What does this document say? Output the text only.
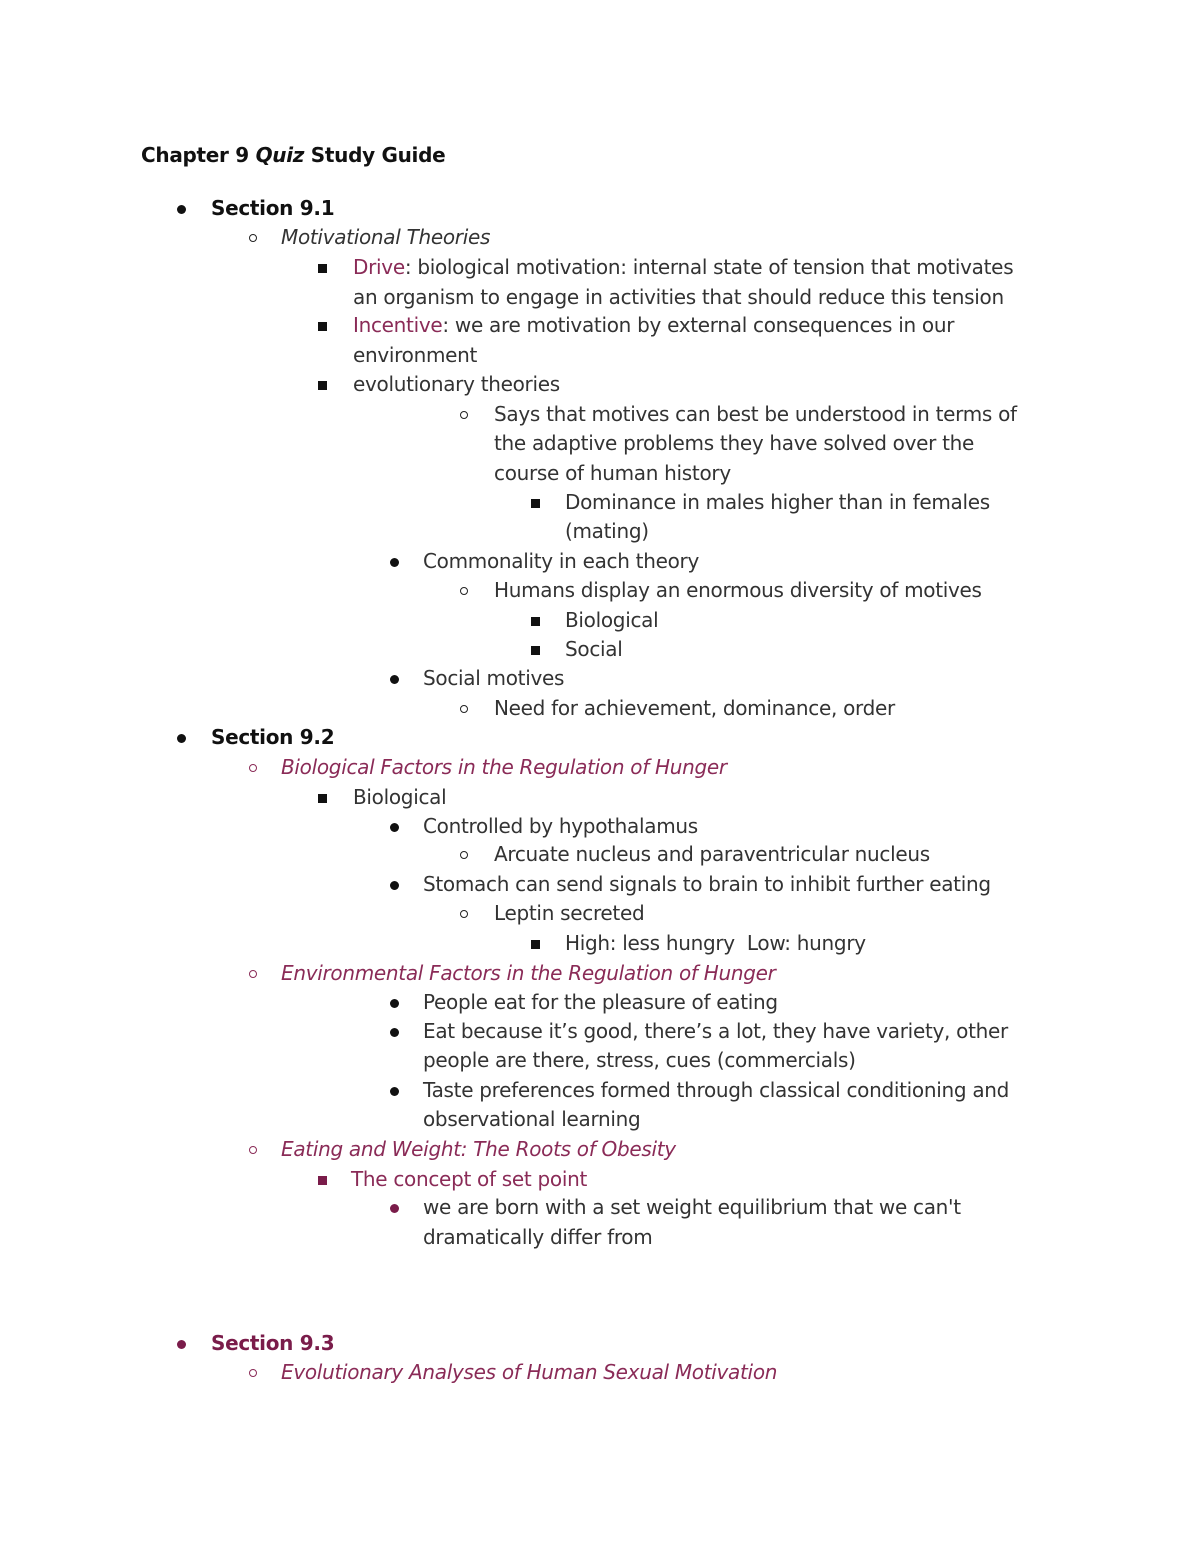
Chapter 9 Quiz Study Guide
Section 9.1
Motivational Theories
Drive: biological motivation: internal state of tension that motivates
an organism to engage in activities that should reduce this tension
Incentive: we are motivation by external consequences in our
environment
evolutionary theories
Says that motives can best be understood in terms of
the adaptive problems they have solved over the
course of human history
Dominance in males higher than in females
(mating)
Commonality in each theory
Humans display an enormous diversity of motives
Biological
Social
Social motives
Need for achievement, dominance, order
Section 9.2
Biological Factors in the Regulation of Hunger
Biological
Controlled by hypothalamus
Arcuate nucleus and paraventricular nucleus
Stomach can send signals to brain to inhibit further eating
Leptin secreted
High: less hungry  Low: hungry
Environmental Factors in the Regulation of Hunger
People eat for the pleasure of eating
Eat because it’s good, there’s a lot, they have variety, other
people are there, stress, cues (commercials)
Taste preferences formed through classical conditioning and
observational learning
Eating and Weight: The Roots of Obesity
The concept of set point
we are born with a set weight equilibrium that we can't
dramatically differ from
Section 9.3
Evolutionary Analyses of Human Sexual Motivation
